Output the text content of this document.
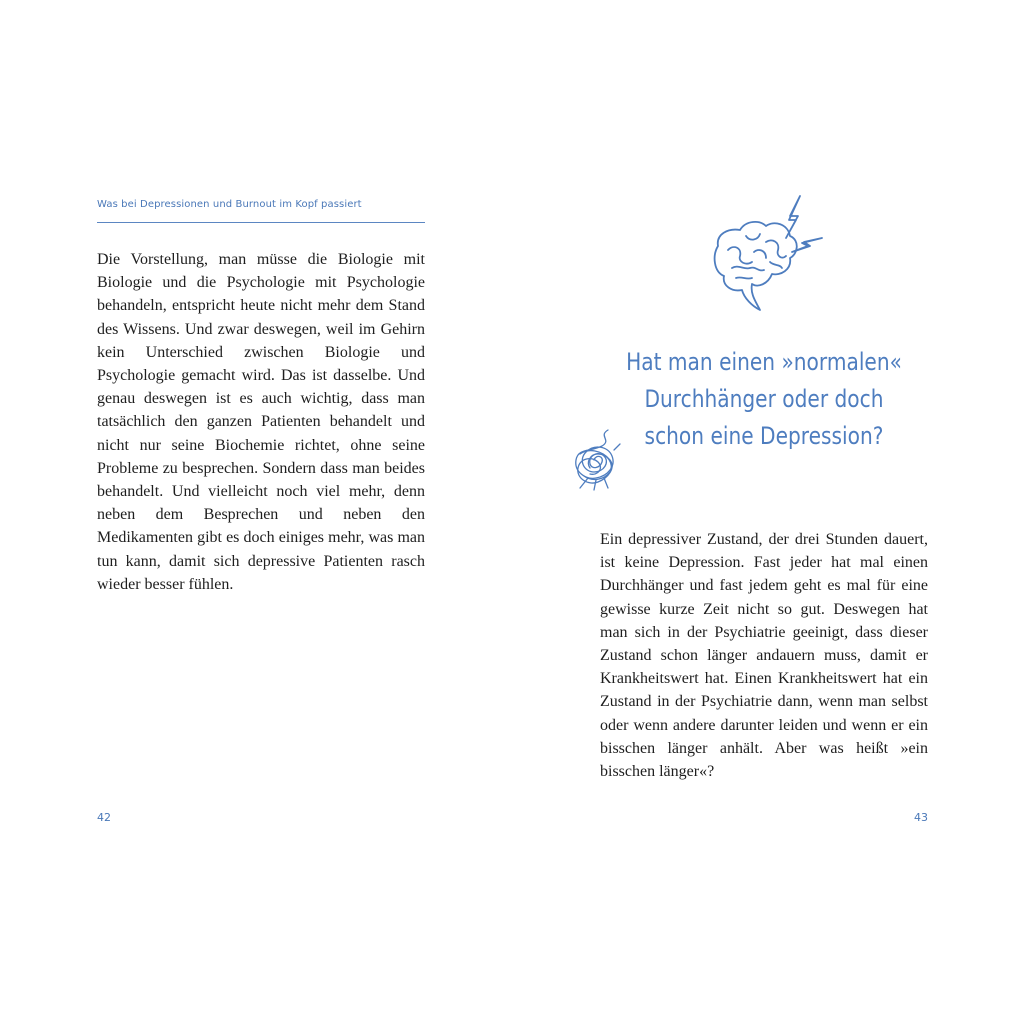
Was bei Depressionen und Burnout im Kopf passiert

Die Vorstellung, man müsse die Biologie mit Biologie und die Psychologie mit Psychologie behandeln, entspricht heute nicht mehr dem Stand des Wissens. Und zwar deswegen, weil im Gehirn kein Unterschied zwischen Biologie und Psychologie gemacht wird. Das ist dasselbe. Und genau deswegen ist es auch wichtig, dass man tatsächlich den ganzen Patienten behandelt und nicht nur seine Biochemie richtet, ohne seine Probleme zu besprechen. Sondern dass man beides behandelt. Und vielleicht noch viel mehr, denn neben dem Besprechen und neben den Medikamenten gibt es doch einiges mehr, was man tun kann, damit sich depressive Patienten rasch wieder besser fühlen.

42
Hat man einen »normalen« Durchhänger oder doch schon eine Depression?

Ein depressiver Zustand, der drei Stunden dauert, ist keine Depression. Fast jeder hat mal einen Durchhänger und fast jedem geht es mal für eine gewisse kurze Zeit nicht so gut. Deswegen hat man sich in der Psychiatrie geeinigt, dass dieser Zustand schon länger andauern muss, damit er Krankheitswert hat. Einen Krankheitswert hat ein Zustand in der Psychiatrie dann, wenn man selbst oder wenn andere darunter leiden und wenn er ein bisschen länger anhält. Aber was heißt »ein bisschen länger«?

43
